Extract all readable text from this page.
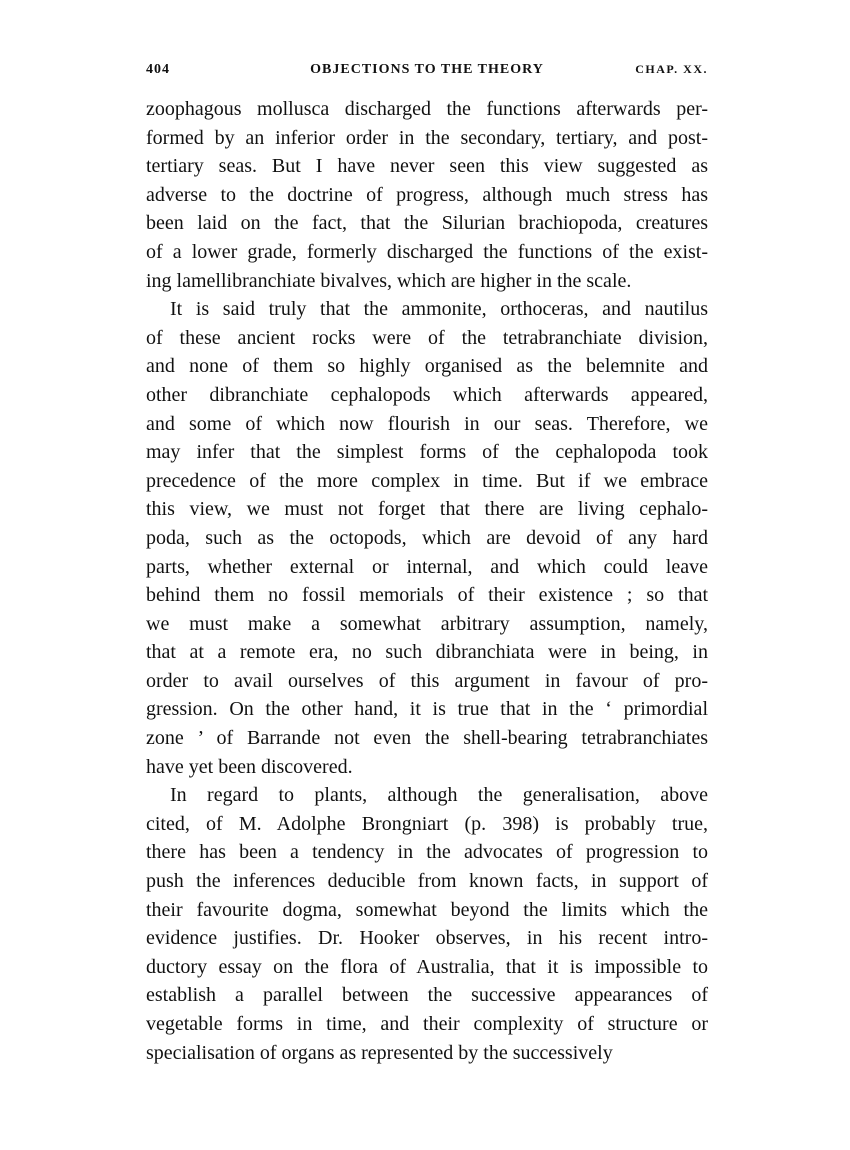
404	OBJECTIONS TO THE THEORY	CHAP. XX.
zoophagous mollusca discharged the functions afterwards per-
formed by an inferior order in the secondary, tertiary, and post-
tertiary seas. But I have never seen this view suggested as
adverse to the doctrine of progress, although much stress has
been laid on the fact, that the Silurian brachiopoda, creatures
of a lower grade, formerly discharged the functions of the exist-
ing lamellibranchiate bivalves, which are higher in the scale.
It is said truly that the ammonite, orthoceras, and nautilus
of these ancient rocks were of the tetrabranchiate division,
and none of them so highly organised as the belemnite and
other dibranchiate cephalopods which afterwards appeared,
and some of which now flourish in our seas. Therefore, we
may infer that the simplest forms of the cephalopoda took
precedence of the more complex in time. But if we embrace
this view, we must not forget that there are living cephalo-
poda, such as the octopods, which are devoid of any hard
parts, whether external or internal, and which could leave
behind them no fossil memorials of their existence ; so that
we must make a somewhat arbitrary assumption, namely,
that at a remote era, no such dibranchiata were in being, in
order to avail ourselves of this argument in favour of pro-
gression. On the other hand, it is true that in the ‘ primordial
zone ’ of Barrande not even the shell-bearing tetrabranchiates
have yet been discovered.
In regard to plants, although the generalisation, above
cited, of M. Adolphe Brongniart (p. 398) is probably true,
there has been a tendency in the advocates of progression to
push the inferences deducible from known facts, in support of
their favourite dogma, somewhat beyond the limits which the
evidence justifies. Dr. Hooker observes, in his recent intro-
ductory essay on the flora of Australia, that it is impossible to
establish a parallel between the successive appearances of
vegetable forms in time, and their complexity of structure or
specialisation of organs as represented by the successively
